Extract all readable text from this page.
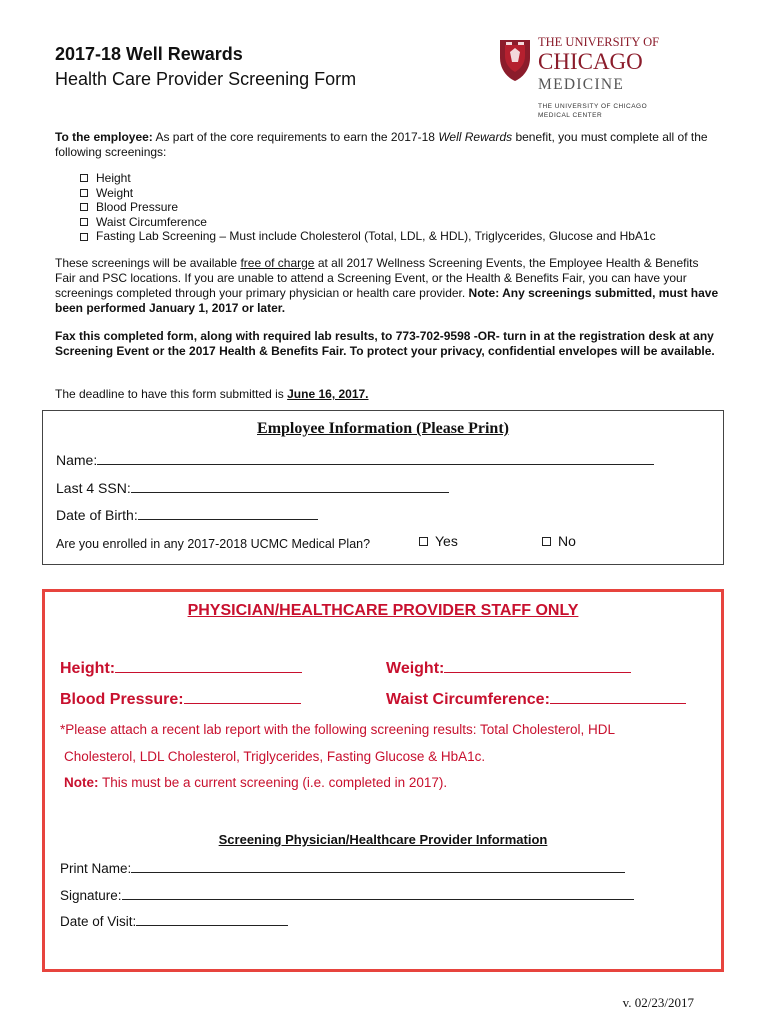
2017-18 Well Rewards
Health Care Provider Screening Form
THE UNIVERSITY OF
CHICAGO
MEDICINE
THE UNIVERSITY OF CHICAGO
MEDICAL CENTER
To the employee: As part of the core requirements to earn the 2017-18 Well Rewards benefit, you must complete all of the following screenings:
Height
Weight
Blood Pressure
Waist Circumference
Fasting Lab Screening – Must include Cholesterol (Total, LDL, & HDL), Triglycerides, Glucose and HbA1c
These screenings will be available free of charge at all 2017 Wellness Screening Events, the Employee Health & Benefits Fair and PSC locations. If you are unable to attend a Screening Event, or the Health & Benefits Fair, you can have your screenings completed through your primary physician or health care provider. Note: Any screenings submitted, must have been performed January 1, 2017 or later.
Fax this completed form, along with required lab results, to 773-702-9598 -OR- turn in at the registration desk at any Screening Event or the 2017 Health & Benefits Fair. To protect your privacy, confidential envelopes will be available.
The deadline to have this form submitted is June 16, 2017.
Employee Information (Please Print)
Name:
Last 4 SSN:
Date of Birth:
Are you enrolled in any 2017-2018 UCMC Medical Plan?	Yes	No
PHYSICIAN/HEALTHCARE PROVIDER STAFF ONLY
Height:	Weight:
Blood Pressure:	Waist Circumference:
*Please attach a recent lab report with the following screening results: Total Cholesterol, HDL
Cholesterol, LDL Cholesterol, Triglycerides, Fasting Glucose & HbA1c.
Note: This must be a current screening (i.e. completed in 2017).
Screening Physician/Healthcare Provider Information
Print Name:
Signature:
Date of Visit:
v. 02/23/2017
